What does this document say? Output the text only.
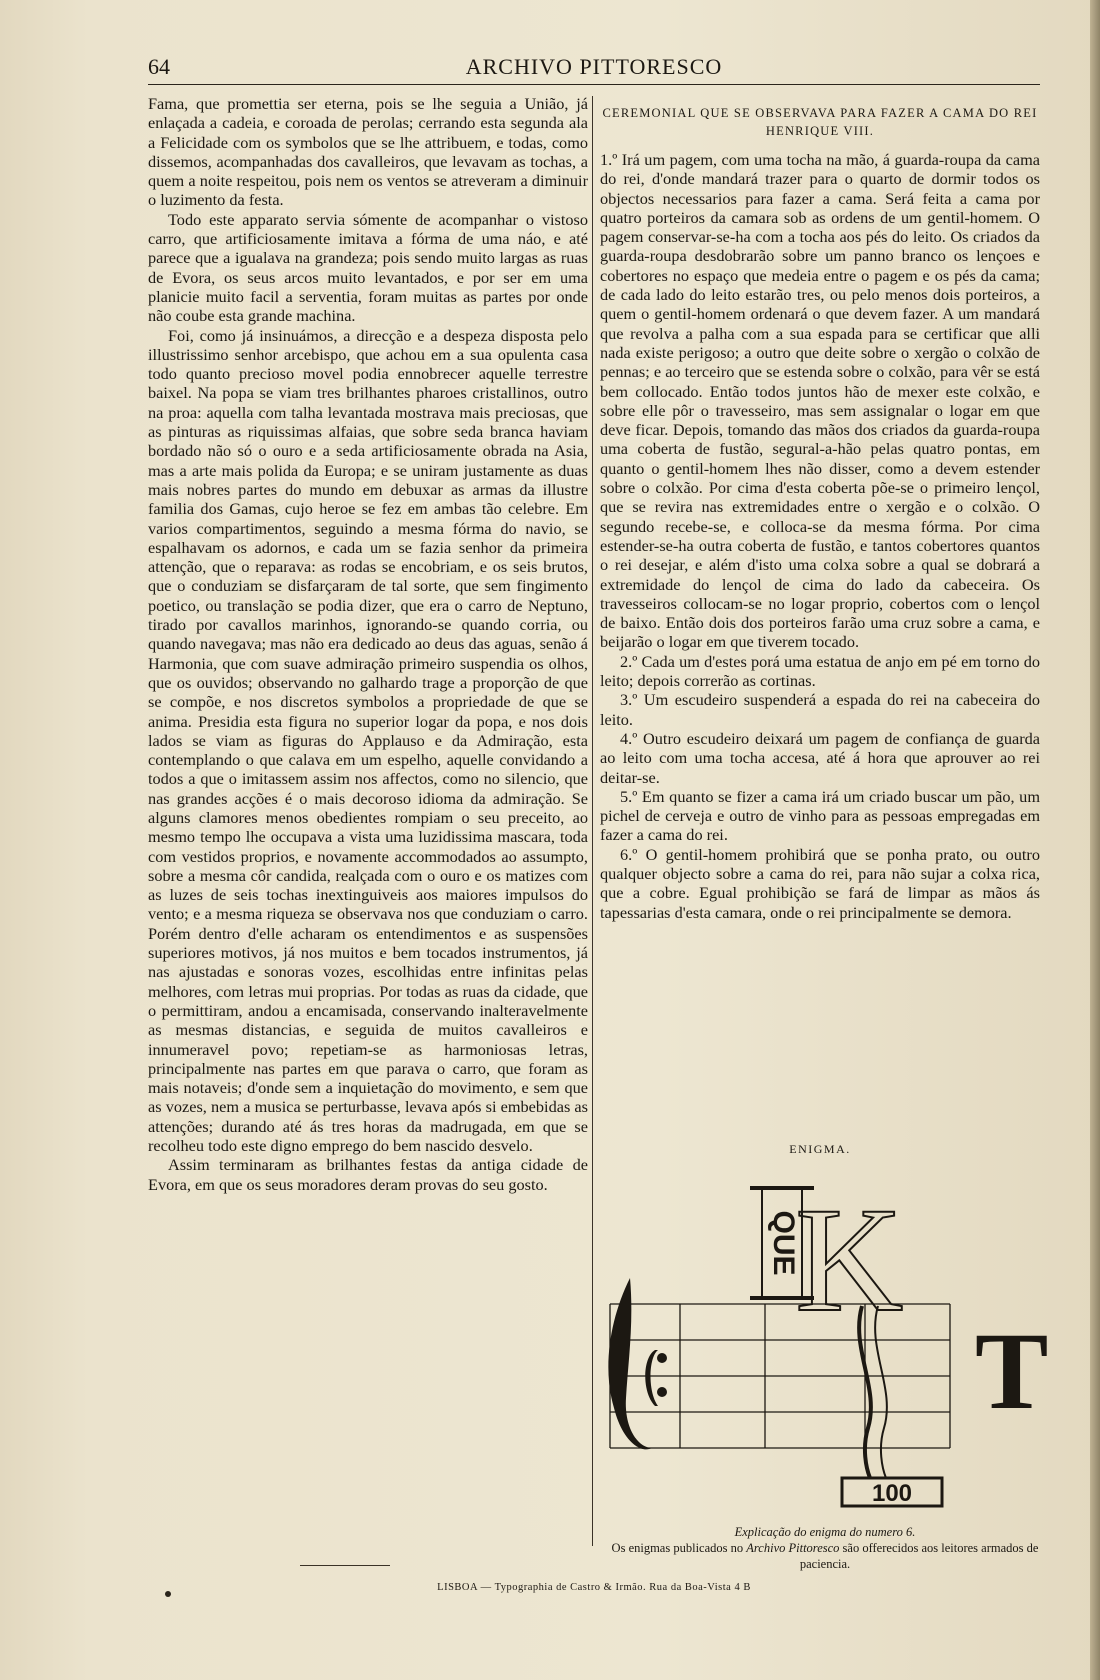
64	ARCHIVO PITTORESCO

Fama, que promettia ser eterna, pois se lhe seguia a União, já enlaçada a cadeia, e coroada de perolas; cerrando esta segunda ala a Felicidade com os symbolos que se lhe attribuem, e todas, como dissemos, acompanhadas dos cavalleiros, que levavam as tochas, a quem a noite respeitou, pois nem os ventos se atreveram a diminuir o luzimento da festa.

Todo este apparato servia sómente de acompanhar o vistoso carro, que artificiosamente imitava a fórma de uma náo, e até parece que a igualava na grandeza; pois sendo muito largas as ruas de Evora, os seus arcos muito levantados, e por ser em uma planicie muito facil a serventia, foram muitas as partes por onde não coube esta grande machina.

Foi, como já insinuámos, a direcção e a despeza disposta pelo illustrissimo senhor arcebispo, que achou em a sua opulenta casa todo quanto precioso movel podia ennobrecer aquelle terrestre baixel. Na popa se viam tres brilhantes pharoes cristallinos, outro na proa: aquella com talha levantada mostrava mais preciosas, que as pinturas as riquissimas alfaias, que sobre seda branca haviam bordado não só o ouro e a seda artificiosamente obrada na Asia, mas a arte mais polida da Europa; e se uniram justamente as duas mais nobres partes do mundo em debuxar as armas da illustre familia dos Gamas, cujo heroe se fez em ambas tão celebre. Em varios compartimentos, seguindo a mesma fórma do navio, se espalhavam os adornos, e cada um se fazia senhor da primeira attenção, que o reparava: as rodas se encobriam, e os seis brutos, que o conduziam se disfarçaram de tal sorte, que sem fingimento poetico, ou translação se podia dizer, que era o carro de Neptuno, tirado por cavallos marinhos, ignorando-se quando corria, ou quando navegava; mas não era dedicado ao deus das aguas, senão á Harmonia, que com suave admiração primeiro suspendia os olhos, que os ouvidos; observando no galhardo trage a proporção de que se compõe, e nos discretos symbolos a propriedade de que se anima. Presidia esta figura no superior logar da popa, e nos dois lados se viam as figuras do Applauso e da Admiração, esta contemplando o que calava em um espelho, aquelle convidando a todos a que o imitassem assim nos affectos, como no silencio, que nas grandes acções é o mais decoroso idioma da admiração. Se alguns clamores menos obedientes rompiam o seu preceito, ao mesmo tempo lhe occupava a vista uma luzidissima mascara, toda com vestidos proprios, e novamente accommodados ao assumpto, sobre a mesma côr candida, realçada com o ouro e os matizes com as luzes de seis tochas inextinguiveis aos maiores impulsos do vento; e a mesma riqueza se observava nos que conduziam o carro. Porém dentro d'elle acharam os entendimentos e as suspensões superiores motivos, já nos muitos e bem tocados instrumentos, já nas ajustadas e sonoras vozes, escolhidas entre infinitas pelas melhores, com letras mui proprias. Por todas as ruas da cidade, que o permittiram, andou a encamisada, conservando inalteravelmente as mesmas distancias, e seguida de muitos cavalleiros e innumeravel povo; repetiam-se as harmoniosas letras, principalmente nas partes em que parava o carro, que foram as mais notaveis; d'onde sem a inquietação do movimento, e sem que as vozes, nem a musica se perturbasse, levava após si embebidas as attenções; durando até ás tres horas da madrugada, em que se recolheu todo este digno emprego do bem nascido desvelo.

Assim terminaram as brilhantes festas da antiga cidade de Evora, em que os seus moradores deram provas do seu gosto.

CEREMONIAL QUE SE OBSERVAVA PARA FAZER A CAMA DO REI HENRIQUE VIII.

1.º Irá um pagem, com uma tocha na mão, á guarda-roupa da cama do rei, d'onde mandará trazer para o quarto de dormir todos os objectos necessarios para fazer a cama. Será feita a cama por quatro porteiros da camara sob as ordens de um gentil-homem. O pagem conservar-se-ha com a tocha aos pés do leito. Os criados da guarda-roupa desdobrarão sobre um panno branco os lençoes e cobertores no espaço que medeia entre o pagem e os pés da cama; de cada lado do leito estarão tres, ou pelo menos dois porteiros, a quem o gentil-homem ordenará o que devem fazer. A um mandará que revolva a palha com a sua espada para se certificar que alli nada existe perigoso; a outro que deite sobre o xergão o colxão de pennas; e ao terceiro que se estenda sobre o colxão, para vêr se está bem collocado. Então todos juntos hão de mexer este colxão, e sobre elle pôr o travesseiro, mas sem assignalar o logar em que deve ficar. Depois, tomando das mãos dos criados da guarda-roupa uma coberta de fustão, segural-a-hão pelas quatro pontas, em quanto o gentil-homem lhes não disser, como a devem estender sobre o colxão. Por cima d'esta coberta põe-se o primeiro lençol, que se revira nas extremidades entre o xergão e o colxão. O segundo recebe-se, e colloca-se da mesma fórma. Por cima estender-se-ha outra coberta de fustão, e tantos cobertores quantos o rei desejar, e além d'isto uma colxa sobre a qual se dobrará a extremidade do lençol de cima do lado da cabeceira. Os travesseiros collocam-se no logar proprio, cobertos com o lençol de baixo. Então dois dos porteiros farão uma cruz sobre a cama, e beijarão o logar em que tiverem tocado.

2.º Cada um d'estes porá uma estatua de anjo em pé em torno do leito; depois correrão as cortinas.

3.º Um escudeiro suspenderá a espada do rei na cabeceira do leito.

4.º Outro escudeiro deixará um pagem de confiança de guarda ao leito com uma tocha accesa, até á hora que aprouver ao rei deitar-se.

5.º Em quanto se fizer a cama irá um criado buscar um pão, um pichel de cerveja e outro de vinho para as pessoas empregadas em fazer a cama do rei.

6.º O gentil-homem prohibirá que se ponha prato, ou outro qualquer objecto sobre a cama do rei, para não sujar a colxa rica, que a cobre. Egual prohibição se fará de limpar as mãos ás tapessarias d'esta camara, onde o rei principalmente se demora.

ENIGMA.
QUE
K
T
100
Explicação do enigma do numero 6.
Os enigmas publicados no Archivo Pittoresco são offerecidos aos leitores armados de paciencia.
LISBOA — Typographia de Castro & Irmão. Rua da Boa-Vista 4 B
